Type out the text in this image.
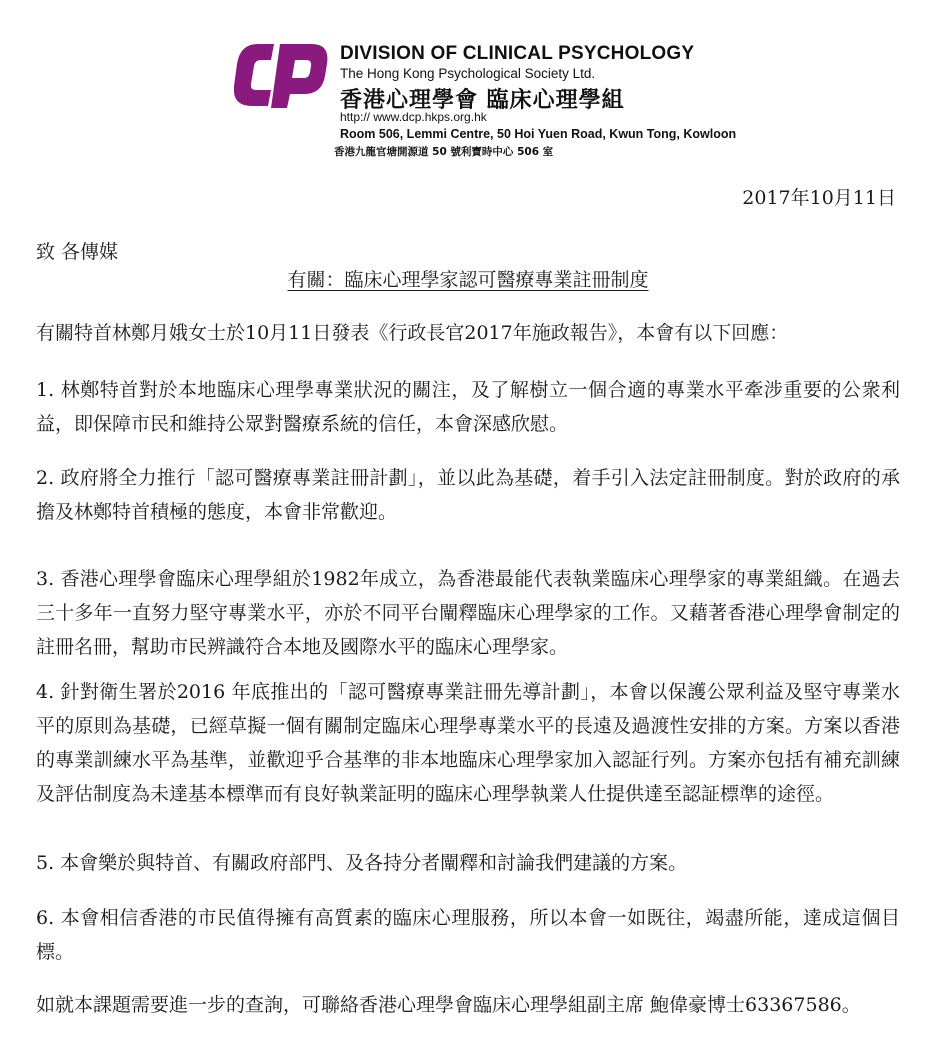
DIVISION OF CLINICAL PSYCHOLOGY
The Hong Kong Psychological Society Ltd.
香港心理學會 臨床心理學組
http:// www.dcp.hkps.org.hk
Room 506, Lemmi Centre, 50 Hoi Yuen Road, Kwun Tong, Kowloon
香港九龍官塘開源道 50 號利寶時中心 506 室
2017年10月11日
致 各傳媒
有關：臨床心理學家認可醫療專業註冊制度

有關特首林鄭月娥女士於10月11日發表《行政長官2017年施政報告》，本會有以下回應：

1. 林鄭特首對於本地臨床心理學專業狀況的關注，及了解樹立一個合適的專業水平牽涉重要的公衆利益，即保障市民和維持公眾對醫療系統的信任，本會深感欣慰。

2. 政府將全力推行「認可醫療專業註冊計劃」，並以此為基礎，着手引入法定註冊制度。對於政府的承擔及林鄭特首積極的態度，本會非常歡迎。

3. 香港心理學會臨床心理學組於1982年成立，為香港最能代表執業臨床心理學家的專業組織。在過去三十多年一直努力堅守專業水平，亦於不同平台闡釋臨床心理學家的工作。又藉著香港心理學會制定的註冊名冊，幫助市民辨識符合本地及國際水平的臨床心理學家。

4. 針對衛生署於2016 年底推出的「認可醫療專業註冊先導計劃」，本會以保護公眾利益及堅守專業水平的原則為基礎，已經草擬一個有關制定臨床心理學專業水平的長遠及過渡性安排的方案。方案以香港的專業訓練水平為基準，並歡迎乎合基準的非本地臨床心理學家加入認証行列。方案亦包括有補充訓練及評估制度為未達基本標準而有良好執業証明的臨床心理學執業人仕提供達至認証標準的途徑。

5. 本會樂於與特首、有關政府部門、及各持分者闡釋和討論我們建議的方案。

6. 本會相信香港的市民值得擁有高質素的臨床心理服務，所以本會一如既往，竭盡所能，達成這個目標。

如就本課題需要進一步的查詢，可聯絡香港心理學會臨床心理學組副主席 鮑偉豪博士63367586。
